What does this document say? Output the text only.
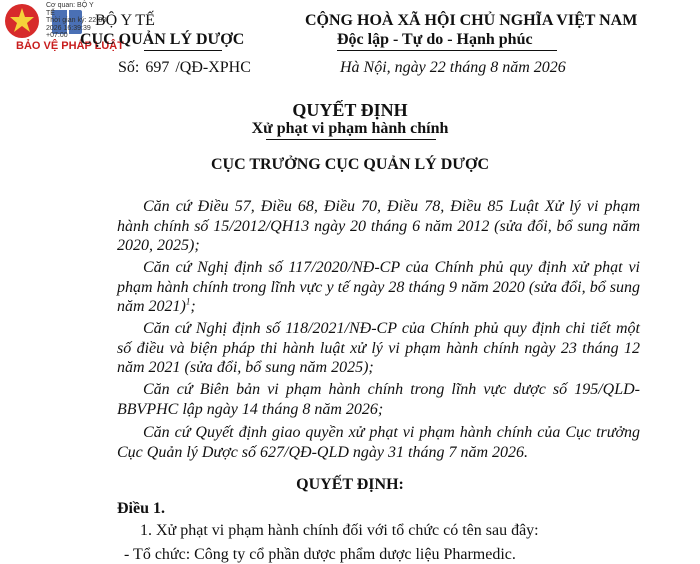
Cơ quan: BỘ Y
TẾ
Thời gian ký: 22-08-
2026 16:39:39
+07:00
BẢO VỆ PHÁP LUẬT
BỘ Y TẾ
CỤC QUẢN LÝ DƯỢC
Số: 697 /QĐ-XPHC
CỘNG HOÀ XÃ HỘI CHỦ NGHĨA VIỆT NAM
Độc lập - Tự do - Hạnh phúc
Hà Nội, ngày 22 tháng 8 năm 2026
QUYẾT ĐỊNH
Xử phạt vi phạm hành chính
CỤC TRƯỞNG CỤC QUẢN LÝ DƯỢC
Căn cứ Điều 57, Điều 68, Điều 70, Điều 78, Điều 85 Luật Xử lý vi phạm hành chính số 15/2012/QH13 ngày 20 tháng 6 năm 2012 (sửa đổi, bổ sung năm 2020, 2025);
Căn cứ Nghị định số 117/2020/NĐ-CP của Chính phủ quy định xử phạt vi phạm hành chính trong lĩnh vực y tế ngày 28 tháng 9 năm 2020 (sửa đổi, bổ sung năm 2021)$^1$;
Căn cứ Nghị định số 118/2021/NĐ-CP của Chính phủ quy định chi tiết một số điều và biện pháp thi hành luật xử lý vi phạm hành chính ngày 23 tháng 12 năm 2021 (sửa đổi, bổ sung năm 2025);
Căn cứ Biên bản vi phạm hành chính trong lĩnh vực dược số 195/QLD-BBVPHC lập ngày 14 tháng 8 năm 2026;
Căn cứ Quyết định giao quyền xử phạt vi phạm hành chính của Cục trưởng Cục Quản lý Dược số 627/QĐ-QLD ngày 31 tháng 7 năm 2026.
QUYẾT ĐỊNH:
Điều 1.
1. Xử phạt vi phạm hành chính đối với tổ chức có tên sau đây:
- Tổ chức: Công ty cổ phần dược phẩm dược liệu Pharmedic.
